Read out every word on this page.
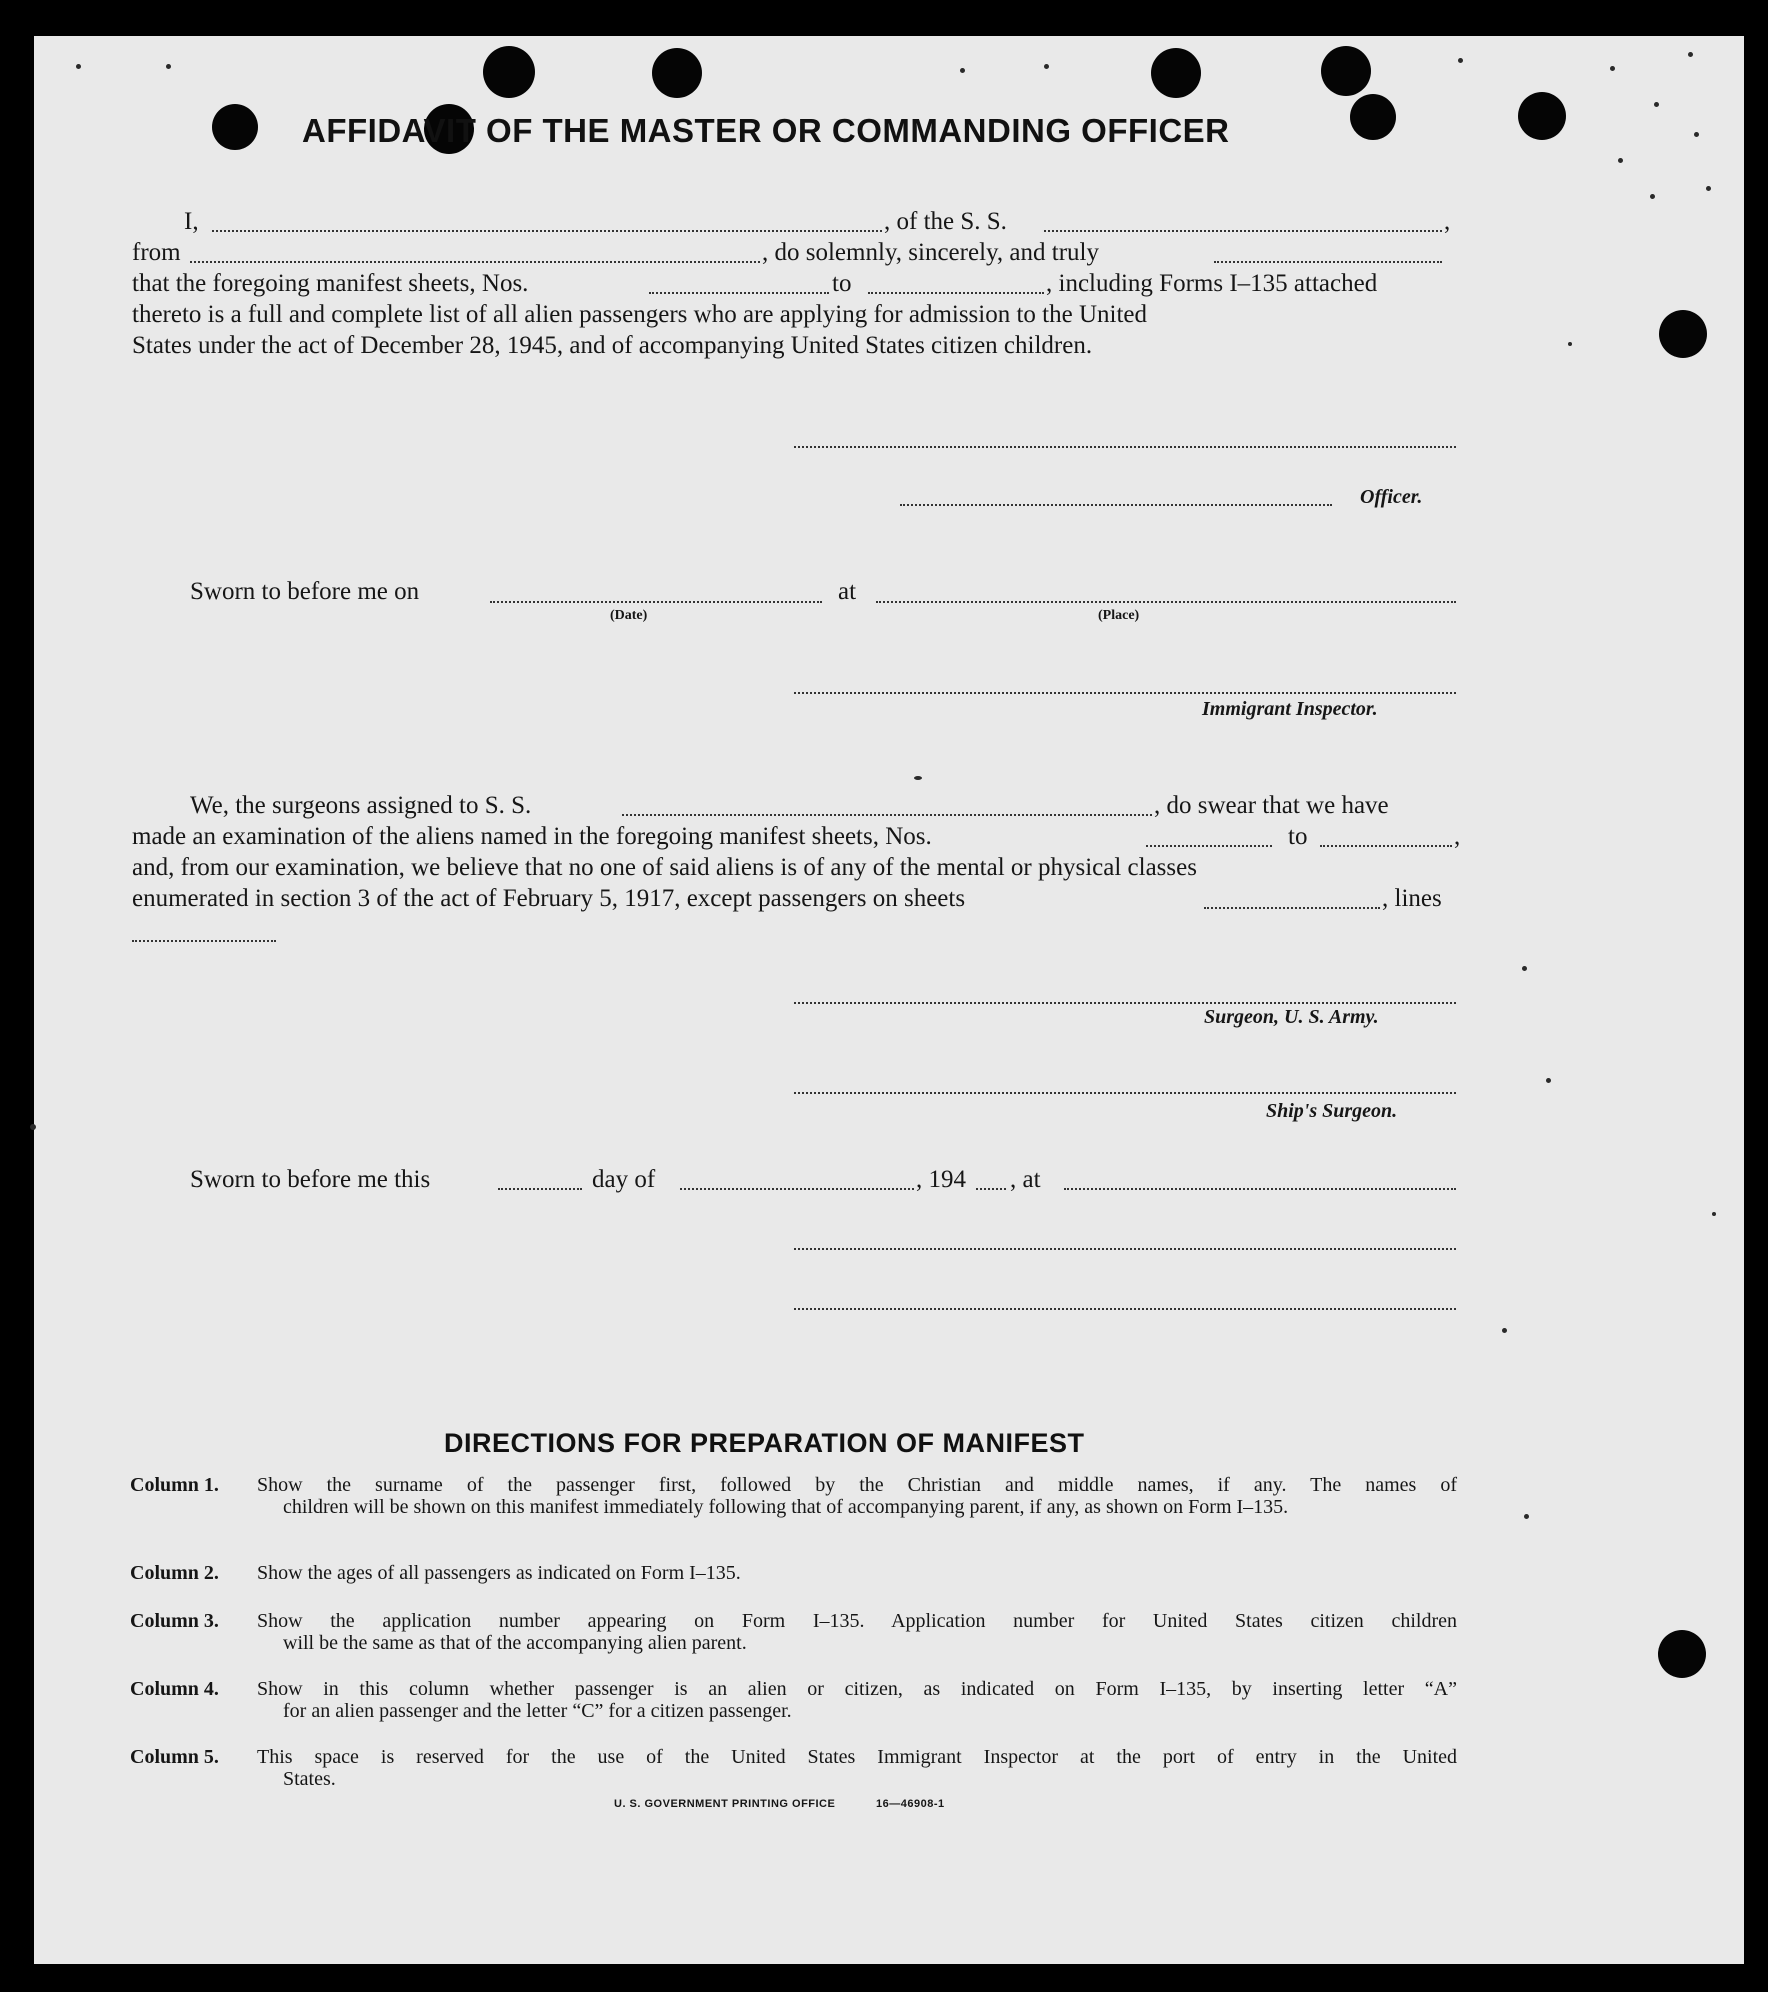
AFFIDAVIT OF THE MASTER OR COMMANDING OFFICER
I,	, of the S. S.	,
from	, do solemnly, sincerely, and truly
that the foregoing manifest sheets, Nos.	to	, including Forms I–135 attached
thereto is a full and complete list of all alien passengers who are applying for admission to the United
States under the act of December 28, 1945, and of accompanying United States citizen children.
Officer.
Sworn to before me on
(Date)
at
(Place)
Immigrant Inspector.
We, the surgeons assigned to S. S.	, do swear that we have
made an examination of the aliens named in the foregoing manifest sheets, Nos.	to	,
and, from our examination, we believe that no one of said aliens is of any of the mental or physical classes
enumerated in section 3 of the act of February 5, 1917, except passengers on sheets	, lines
Surgeon, U. S. Army.
Ship's Surgeon.
Sworn to before me this	day of	, 194 , at
DIRECTIONS FOR PREPARATION OF MANIFEST
Column 1. Show the surname of the passenger first, followed by the Christian and middle names, if any. The names of
children will be shown on this manifest immediately following that of accompanying parent, if any, as shown on Form I–135.
Column 2. Show the ages of all passengers as indicated on Form I–135.
Column 3. Show the application number appearing on Form I–135. Application number for United States citizen children
will be the same as that of the accompanying alien parent.
Column 4. Show in this column whether passenger is an alien or citizen, as indicated on Form I–135, by inserting letter “A”
for an alien passenger and the letter “C” for a citizen passenger.
Column 5. This space is reserved for the use of the United States Immigrant Inspector at the port of entry in the United
States.
U. S. GOVERNMENT PRINTING OFFICE	16—46908-1
